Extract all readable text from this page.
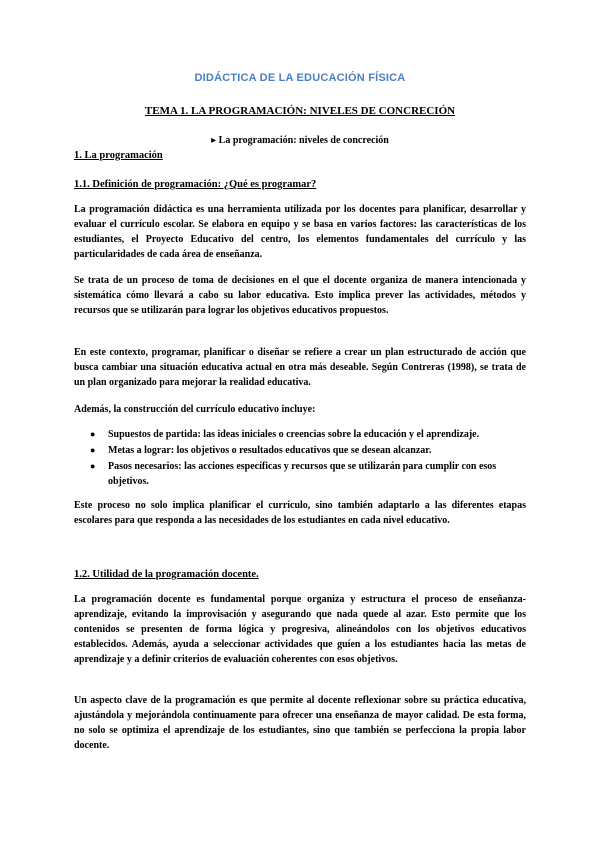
DIDÁCTICA DE LA EDUCACIÓN FÍSICA
TEMA 1. LA PROGRAMACIÓN: NIVELES DE CONCRECIÓN
▸ La programación: niveles de concreción
1. La programación
1.1. Definición de programación: ¿Qué es programar?
La programación didáctica es una herramienta utilizada por los docentes para planificar, desarrollar y evaluar el currículo escolar. Se elabora en equipo y se basa en varios factores: las características de los estudiantes, el Proyecto Educativo del centro, los elementos fundamentales del currículo y las particularidades de cada área de enseñanza.
Se trata de un proceso de toma de decisiones en el que el docente organiza de manera intencionada y sistemática cómo llevará a cabo su labor educativa. Esto implica prever las actividades, métodos y recursos que se utilizarán para lograr los objetivos educativos propuestos.
En este contexto, programar, planificar o diseñar se refiere a crear un plan estructurado de acción que busca cambiar una situación educativa actual en otra más deseable. Según Contreras (1998), se trata de un plan organizado para mejorar la realidad educativa.
Además, la construcción del currículo educativo incluye:
● Supuestos de partida: las ideas iniciales o creencias sobre la educación y el aprendizaje.
● Metas a lograr: los objetivos o resultados educativos que se desean alcanzar.
● Pasos necesarios: las acciones específicas y recursos que se utilizarán para cumplir con esos objetivos.
Este proceso no solo implica planificar el currículo, sino también adaptarlo a las diferentes etapas escolares para que responda a las necesidades de los estudiantes en cada nivel educativo.
1.2. Utilidad de la programación docente.
La programación docente es fundamental porque organiza y estructura el proceso de enseñanza-aprendizaje, evitando la improvisación y asegurando que nada quede al azar. Esto permite que los contenidos se presenten de forma lógica y progresiva, alineándolos con los objetivos educativos establecidos. Además, ayuda a seleccionar actividades que guíen a los estudiantes hacia las metas de aprendizaje y a definir criterios de evaluación coherentes con esos objetivos.
Un aspecto clave de la programación es que permite al docente reflexionar sobre su práctica educativa, ajustándola y mejorándola continuamente para ofrecer una enseñanza de mayor calidad. De esta forma, no solo se optimiza el aprendizaje de los estudiantes, sino que también se perfecciona la propia labor docente.
